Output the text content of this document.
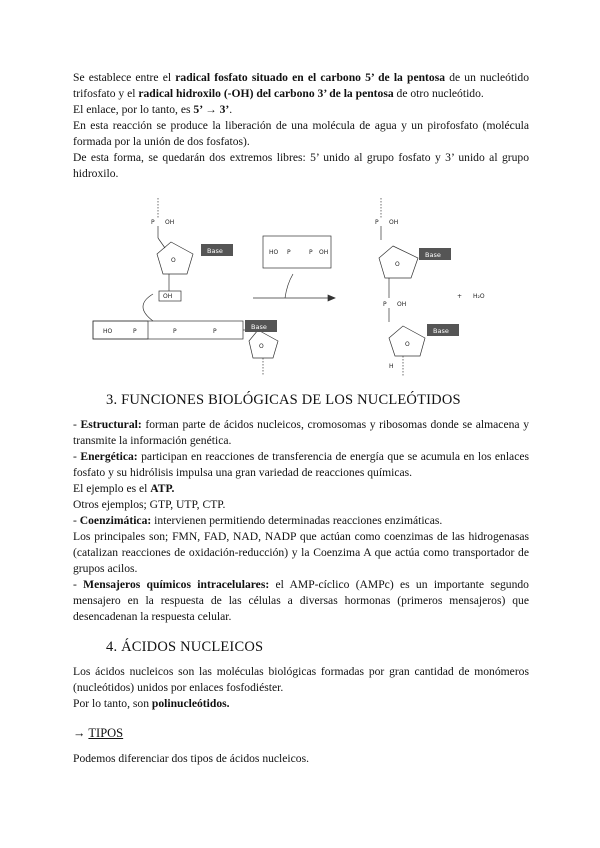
Se establece entre el radical fosfato situado en el carbono 5’ de la pentosa de un nucleótido trifosfato y el radical hidroxilo (-OH) del carbono 3’ de la pentosa de otro nucleótido.

El enlace, por lo tanto, es 5’ → 3’.

En esta reacción se produce la liberación de una molécula de agua y un pirofosfato (molécula formada por la unión de dos fosfatos).

De esta forma, se quedarán dos extremos libres: 5’ unido al grupo fosfato y 3’ unido al grupo hidroxilo.

Base
Base
Base
Base
P OH
OH
O
HO	P	P	P
O
HO P	P OH
P OH
O
P OH
O
H
+ H₂O
3. FUNCIONES BIOLÓGICAS DE LOS NUCLEÓTIDOS

- Estructural: forman parte de ácidos nucleicos, cromosomas y ribosomas donde se almacena y transmite la información genética.

- Energética: participan en reacciones de transferencia de energía que se acumula en los enlaces fosfato y su hidrólisis impulsa una gran variedad de reacciones químicas.

El ejemplo es el ATP.

Otros ejemplos; GTP, UTP, CTP.

- Coenzimática: intervienen permitiendo determinadas reacciones enzimáticas.

Los principales son; FMN, FAD, NAD, NADP que actúan como coenzimas de las hidrogenasas (catalizan reacciones de oxidación-reducción) y la Coenzima A que actúa como transportador de grupos acilos.

- Mensajeros químicos intracelulares: el AMP-cíclico (AMPc) es un importante segundo mensajero en la respuesta de las células a diversas hormonas (primeros mensajeros) que desencadenan la respuesta celular.

4. ÁCIDOS NUCLEICOS

Los ácidos nucleicos son las moléculas biológicas formadas por gran cantidad de monómeros (nucleótidos) unidos por enlaces fosfodiéster.

Por lo tanto, son polinucleótidos.

→ TIPOS

Podemos diferenciar dos tipos de ácidos nucleicos.
